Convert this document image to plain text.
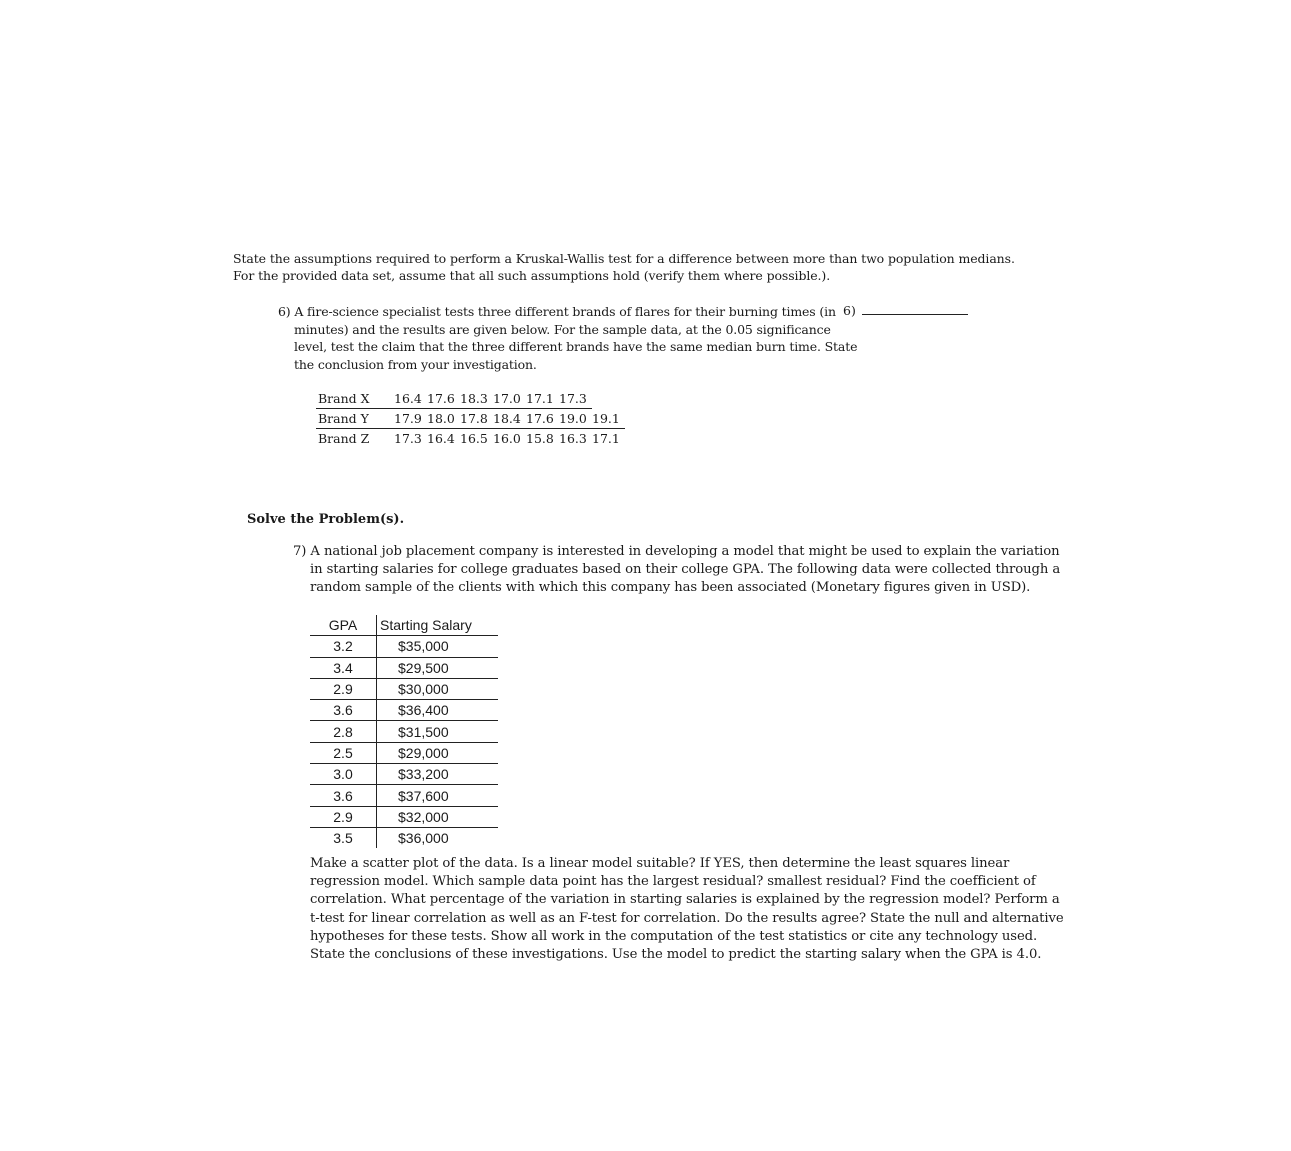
State the assumptions required to perform a Kruskal-Wallis test for a difference between more than two population medians.
For the provided data set, assume that all such assumptions hold (verify them where possible.).
6) A fire-science specialist tests three different brands of flares for their burning times (in
minutes) and the results are given below. For the sample data, at the 0.05 significance
level, test the claim that the three different brands have the same median burn time. State
the conclusion from your investigation.
6)
Brand X	16.4	17.6	18.3	17.0	17.1	17.3	
Brand Y	17.9	18.0	17.8	18.4	17.6	19.0	19.1
Brand Z	17.3	16.4	16.5	16.0	15.8	16.3	17.1
Solve the Problem(s).
7) A national job placement company is interested in developing a model that might be used to explain the variation
in starting salaries for college graduates based on their college GPA. The following data were collected through a
random sample of the clients with which this company has been associated (Monetary figures given in USD).
GPA	Starting Salary
3.2	$35,000
3.4	$29,500
2.9	$30,000
3.6	$36,400
2.8	$31,500
2.5	$29,000
3.0	$33,200
3.6	$37,600
2.9	$32,000
3.5	$36,000
Make a scatter plot of the data. Is a linear model suitable? If YES, then determine the least squares linear
regression model. Which sample data point has the largest residual? smallest residual? Find the coefficient of
correlation. What percentage of the variation in starting salaries is explained by the regression model? Perform a
t-test for linear correlation as well as an F-test for correlation. Do the results agree? State the null and alternative
hypotheses for these tests. Show all work in the computation of the test statistics or cite any technology used.
State the conclusions of these investigations. Use the model to predict the starting salary when the GPA is 4.0.
